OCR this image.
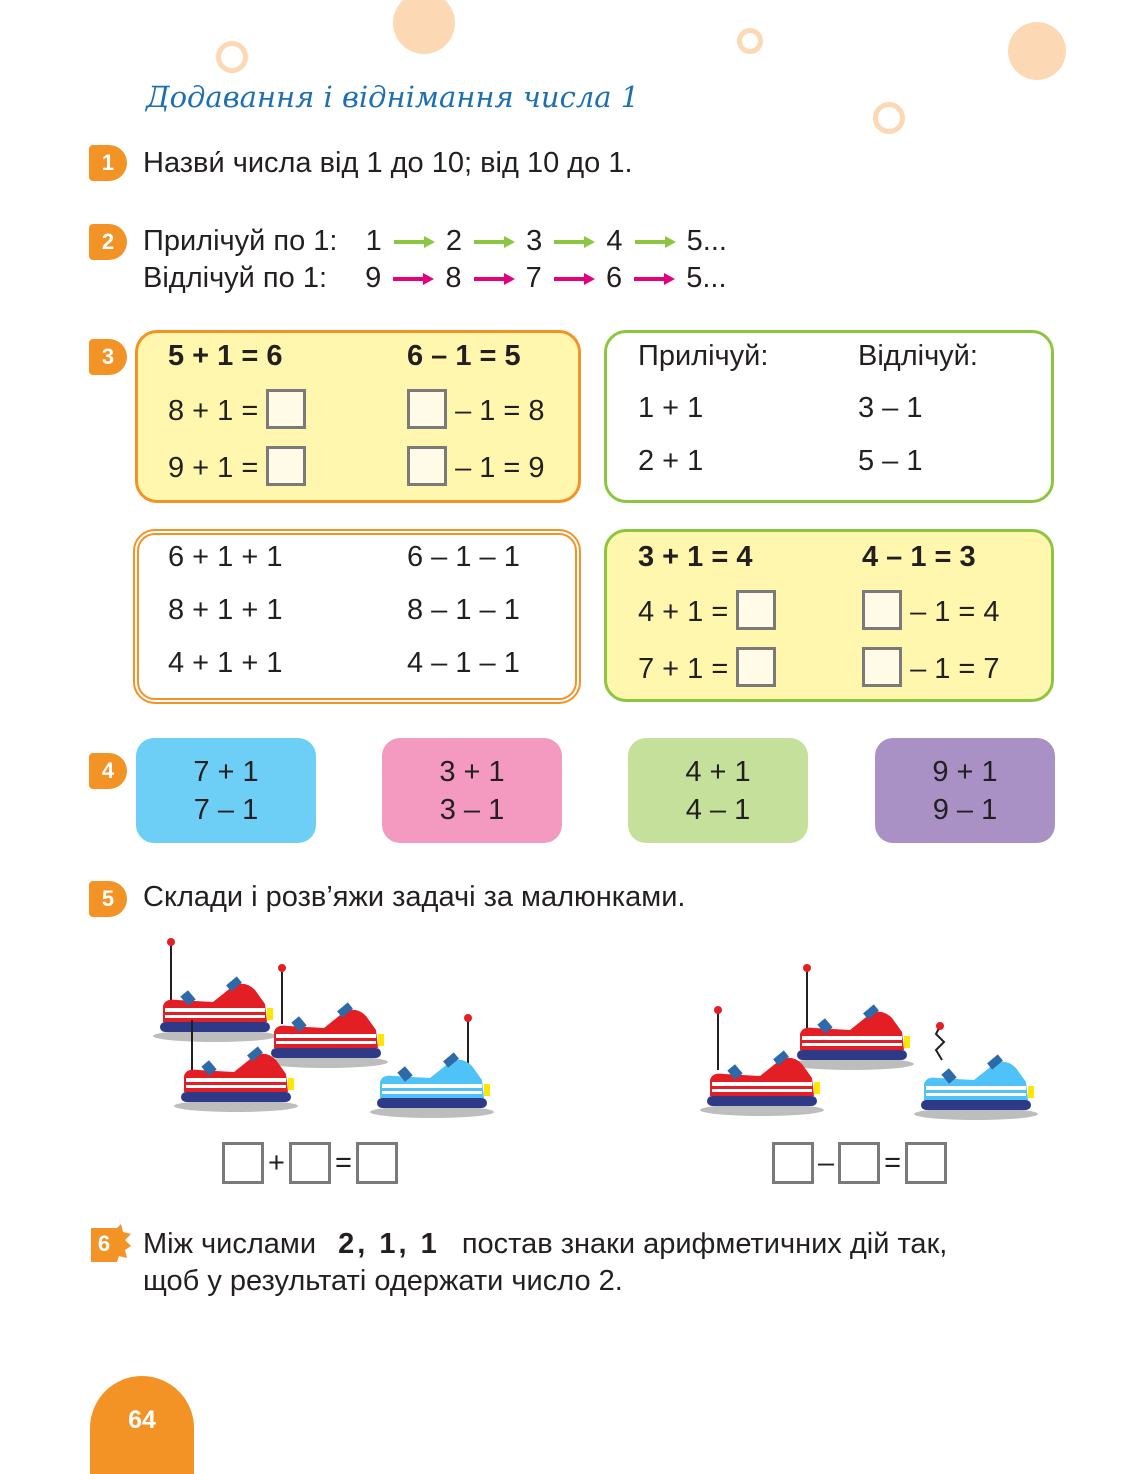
Додавання і віднімання числа 1
1 Назви́ числа від 1 до 10; від 10 до 1.
2 Прилічуй по 1: 1 2 3 4 5...
Відлічуй по 1: 9 8 7 6 5...
3	5 + 1 = 6	6 – 1 = 5
8 + 1 =	– 1 = 8
9 + 1 =	– 1 = 9
Прилічуй:	Відлічуй:
1 + 1	3 – 1
2 + 1	5 – 1
6 + 1 + 1	6 – 1 – 1
8 + 1 + 1	8 – 1 – 1
4 + 1 + 1	4 – 1 – 1
3 + 1 = 4	4 – 1 = 3
4 + 1 =	– 1 = 4
7 + 1 =	– 1 = 7
4	7 + 1
7 – 1
3 + 1
3 – 1
4 + 1
4 – 1
9 + 1
9 – 1
5 Склади і розв’яжи задачі за малюнками.
+ =	– =
6	Між числами 2, 1, 1 постав знаки арифметичних дій так,
щоб у результаті одержати число 2.
64
